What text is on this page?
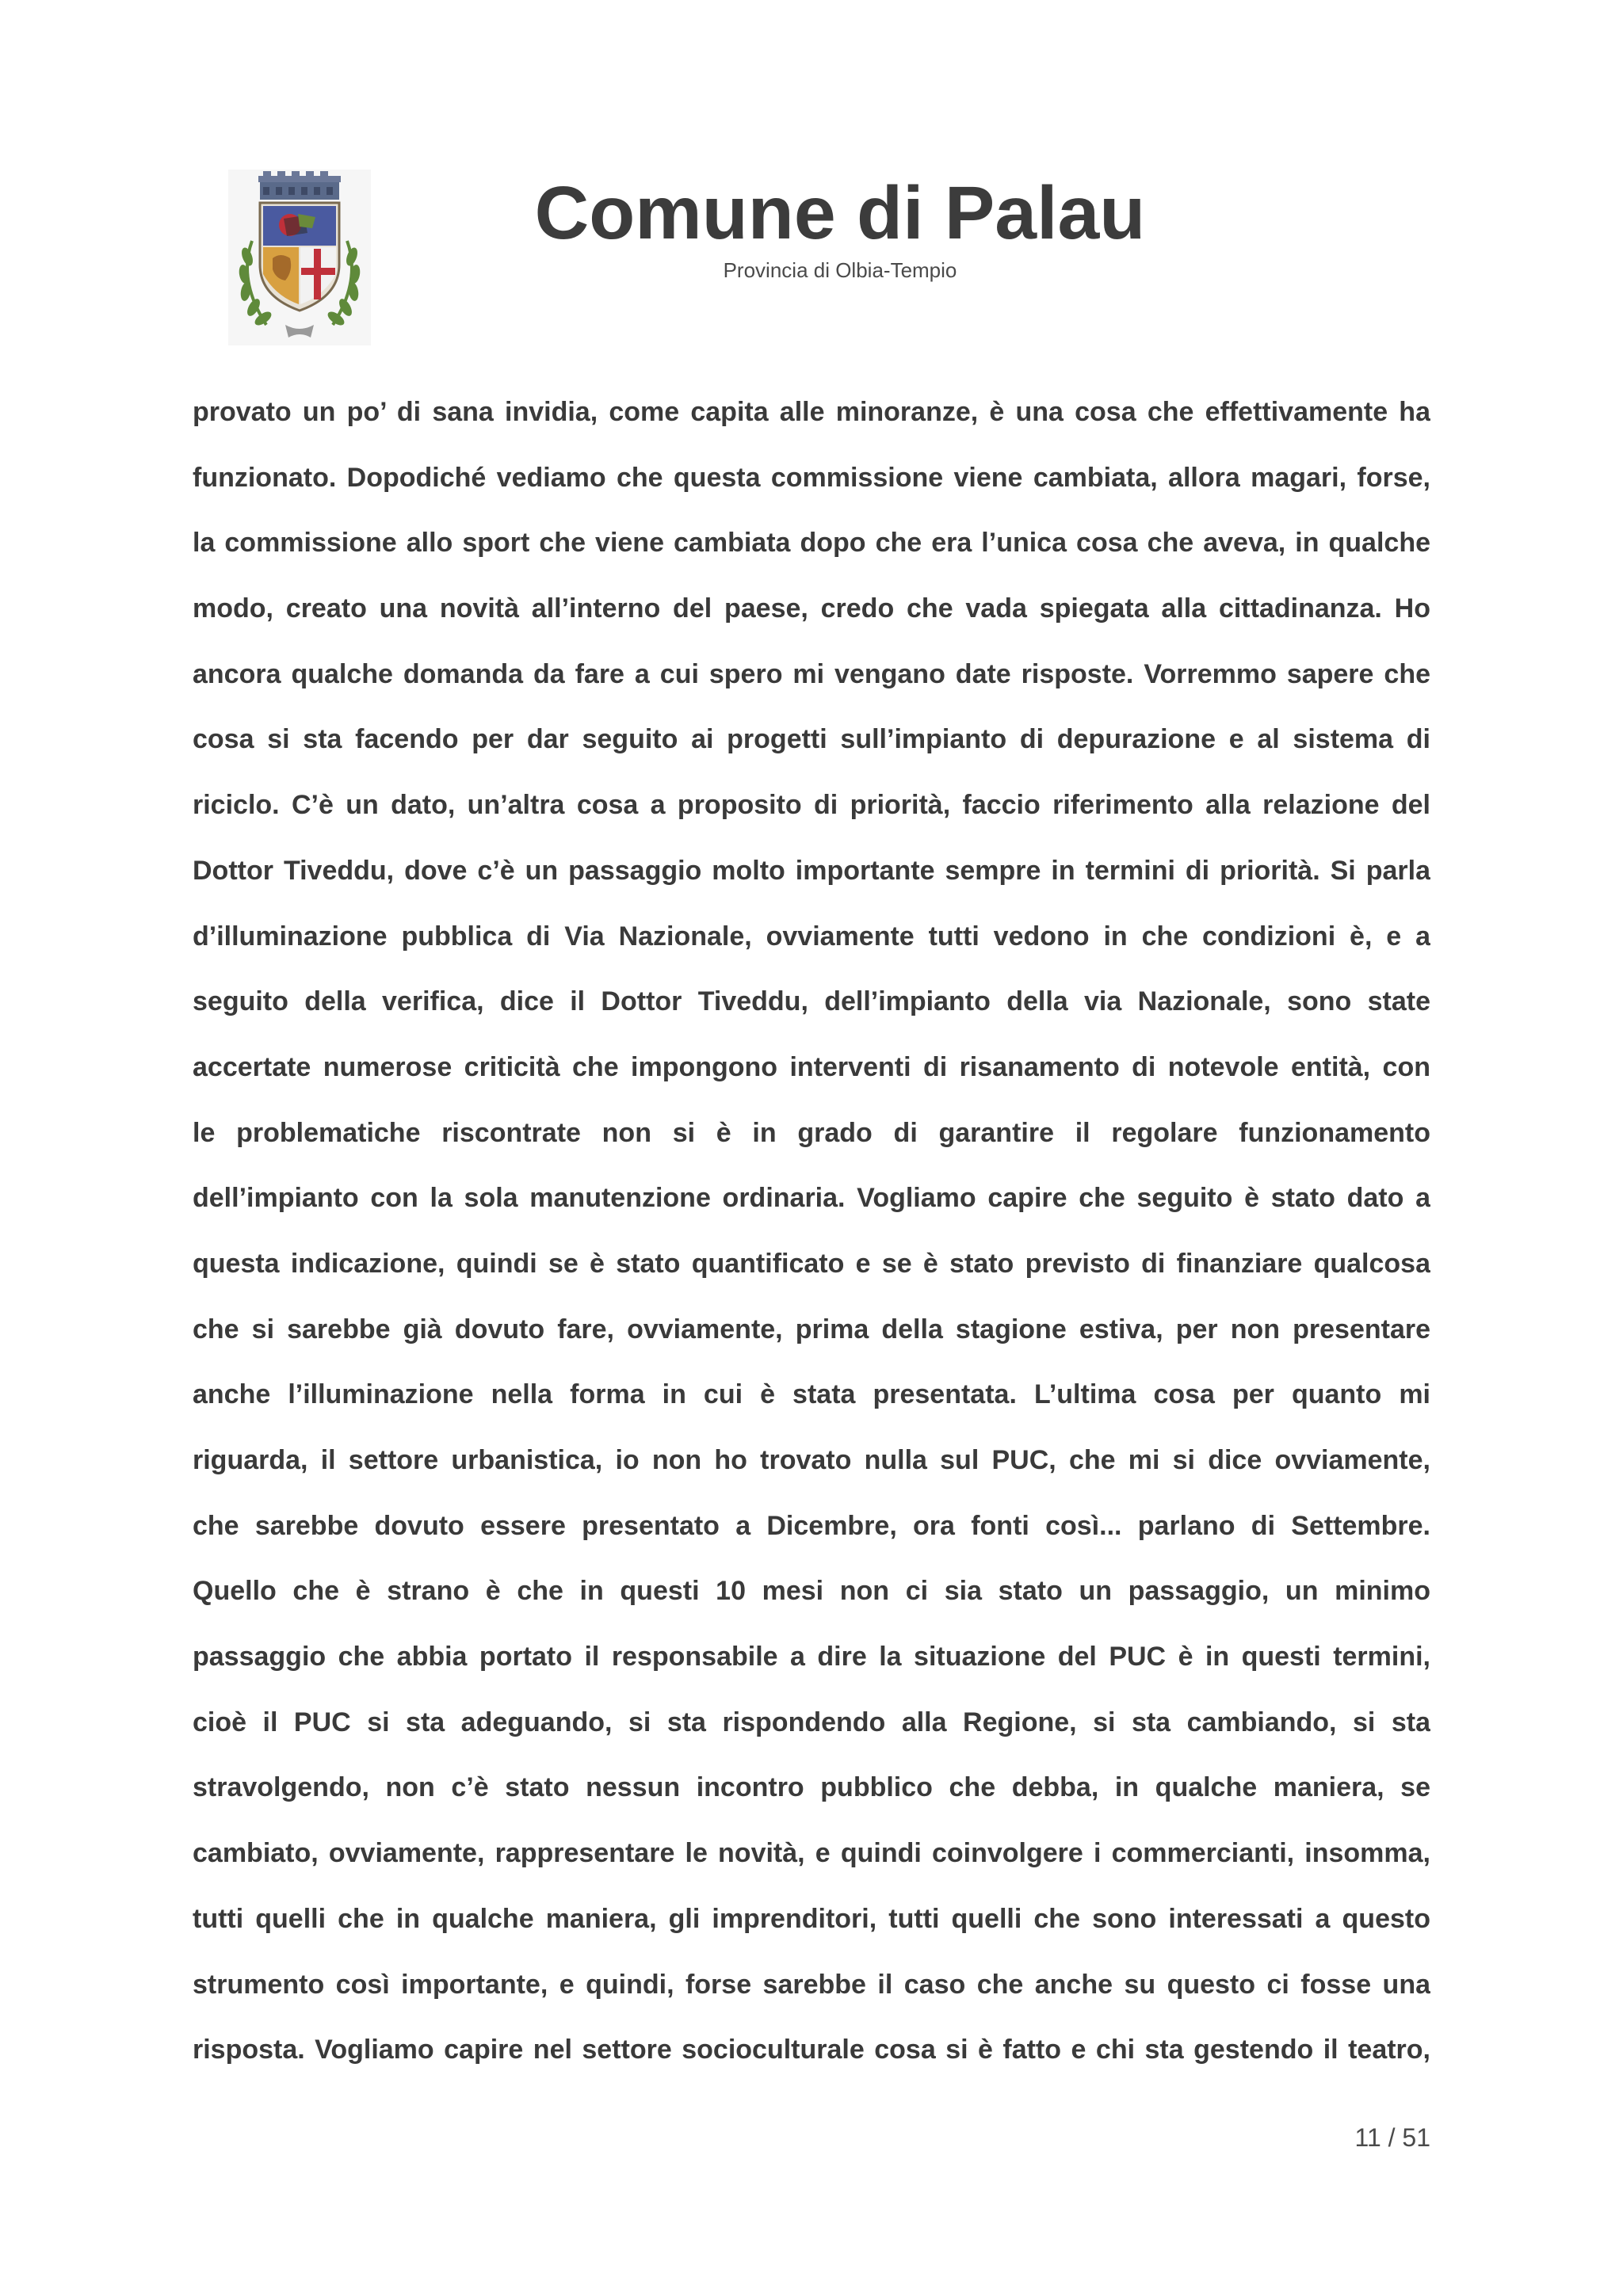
Comune di Palau
Provincia di Olbia-Tempio
provato un po’ di sana invidia, come capita alle minoranze, è una cosa che effettivamente ha
funzionato. Dopodiché vediamo che questa commissione viene cambiata, allora magari, forse,
la commissione allo sport che viene cambiata dopo che era l’unica cosa che aveva, in qualche
modo, creato una novità all’interno del paese, credo che vada spiegata alla cittadinanza. Ho
ancora qualche domanda da fare a cui spero mi vengano date risposte. Vorremmo sapere che
cosa si sta facendo per dar seguito ai progetti sull’impianto di depurazione e al sistema di
riciclo. C’è un dato, un’altra cosa a proposito di priorità, faccio riferimento alla relazione del
Dottor Tiveddu, dove c’è un passaggio molto importante sempre in termini di priorità. Si parla
d’illuminazione pubblica di Via Nazionale, ovviamente tutti vedono in che condizioni è, e a
seguito della verifica, dice il Dottor Tiveddu, dell’impianto della via Nazionale, sono state
accertate numerose criticità che impongono interventi di risanamento di notevole entità, con
le problematiche riscontrate non si è in grado di garantire il regolare funzionamento
dell’impianto con la sola manutenzione ordinaria. Vogliamo capire che seguito è stato dato a
questa indicazione, quindi se è stato quantificato e se è stato previsto di finanziare qualcosa
che si sarebbe già dovuto fare, ovviamente, prima della stagione estiva, per non presentare
anche l’illuminazione nella forma in cui è stata presentata. L’ultima cosa per quanto mi
riguarda, il settore urbanistica, io non ho trovato nulla sul PUC, che mi si dice ovviamente,
che sarebbe dovuto essere presentato a Dicembre, ora fonti così... parlano di Settembre.
Quello che è strano è che in questi 10 mesi non ci sia stato un passaggio, un minimo
passaggio che abbia portato il responsabile a dire la situazione del PUC è in questi termini,
cioè il PUC si sta adeguando, si sta rispondendo alla Regione, si sta cambiando, si sta
stravolgendo, non c’è stato nessun incontro pubblico che debba, in qualche maniera, se
cambiato, ovviamente, rappresentare le novità, e quindi coinvolgere i commercianti, insomma,
tutti quelli che in qualche maniera, gli imprenditori, tutti quelli che sono interessati a questo
strumento così importante, e quindi, forse sarebbe il caso che anche su questo ci fosse una
risposta. Vogliamo capire nel settore socioculturale cosa si è fatto e chi sta gestendo il teatro,
11 / 51
